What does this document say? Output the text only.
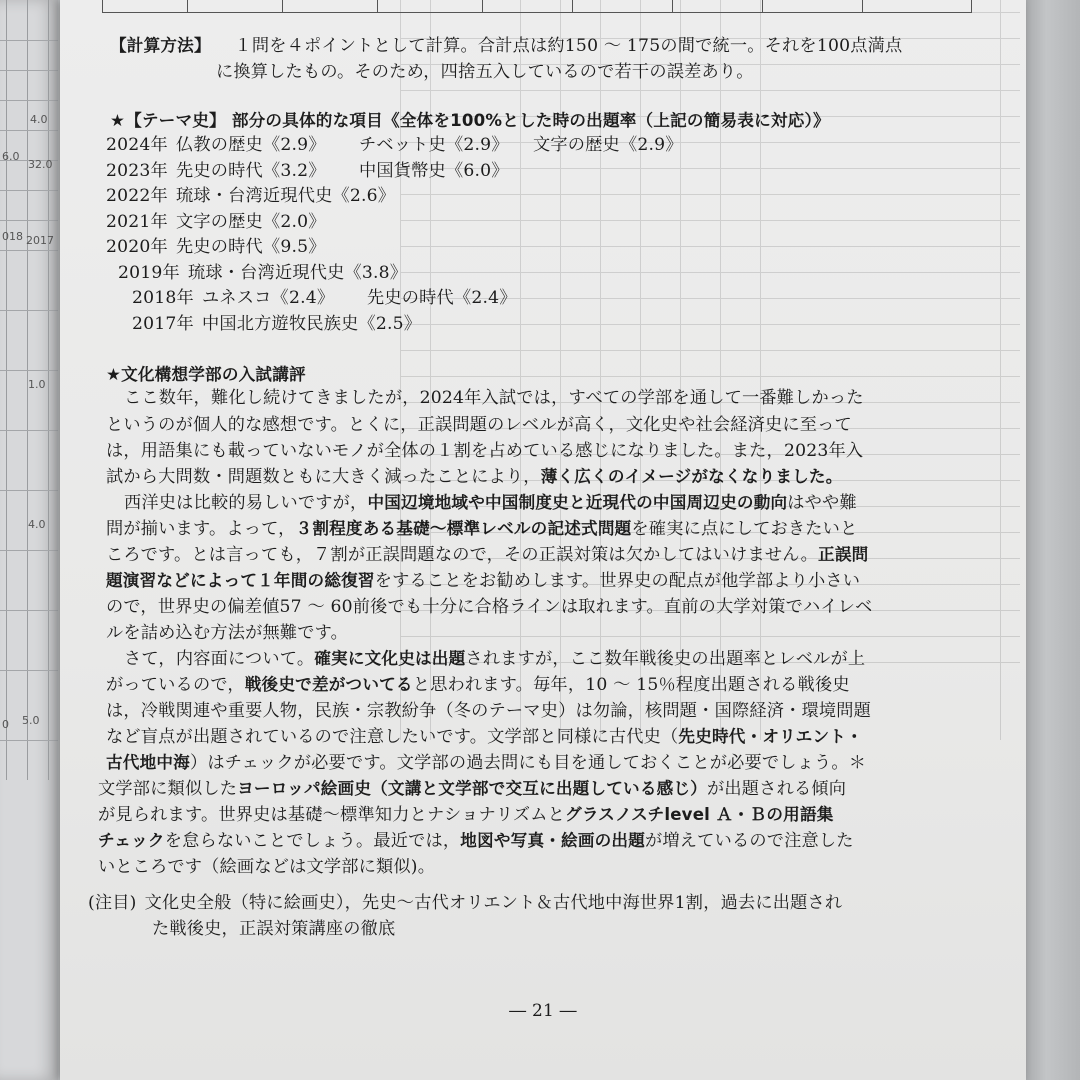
4.0
6.0
32.0
018 2017
1.0
4.0
0 5.0
【計算方法】 １問を４ポイントとして計算。合計点は約150 ～ 175の間で統一。それを100点満点
に換算したもの。そのため，四捨五入しているので若干の誤差あり。
★【テーマ史】 部分の具体的な項目《全体を100%とした時の出題率（上記の簡易表に対応）》
2024年 仏教の歴史《2.9》 チベット史《2.9》 文字の歴史《2.9》
2023年 先史の時代《3.2》 中国貨幣史《6.0》
2022年 琉球・台湾近現代史《2.6》
2021年 文字の歴史《2.0》
2020年 先史の時代《9.5》
2019年 琉球・台湾近現代史《3.8》
2018年 ユネスコ《2.4》 先史の時代《2.4》
2017年 中国北方遊牧民族史《2.5》
★文化構想学部の入試講評
ここ数年，難化し続けてきましたが，2024年入試では，すべての学部を通して一番難しかった
というのが個人的な感想です。とくに，正誤問題のレベルが高く，文化史や社会経済史に至って
は，用語集にも載っていないモノが全体の１割を占めている感じになりました。また，2023年入
試から大問数・問題数ともに大きく減ったことにより，薄く広くのイメージがなくなりました。
西洋史は比較的易しいですが，中国辺境地域や中国制度史と近現代の中国周辺史の動向はやや難
問が揃います。よって，３割程度ある基礎～標準レベルの記述式問題を確実に点にしておきたいと
ころです。とは言っても，７割が正誤問題なので，その正誤対策は欠かしてはいけません。正誤問
題演習などによって１年間の総復習をすることをお勧めします。世界史の配点が他学部より小さい
ので，世界史の偏差値57 ～ 60前後でも十分に合格ラインは取れます。直前の大学対策でハイレベ
ルを詰め込む方法が無難です。
さて，内容面について。確実に文化史は出題されますが，ここ数年戦後史の出題率とレベルが上
がっているので，戦後史で差がついてると思われます。毎年，10 ～ 15％程度出題される戦後史
は，冷戦関連や重要人物，民族・宗教紛争（冬のテーマ史）は勿論，核問題・国際経済・環境問題
など盲点が出題されているので注意したいです。文学部と同様に古代史（先史時代・オリエント・
古代地中海）はチェックが必要です。文学部の過去問にも目を通しておくことが必要でしょう。＊
文学部に類似したヨーロッパ絵画史（文講と文学部で交互に出題している感じ）が出題される傾向
が見られます。世界史は基礎～標準知力とナショナリズムとグラスノスチlevel Ａ・Ｂの用語集
チェックを怠らないことでしょう。最近では，地図や写真・絵画の出題が増えているので注意した
いところです（絵画などは文学部に類似)。
(注目) 文化史全般（特に絵画史），先史～古代オリエント＆古代地中海世界1割，過去に出題され
た戦後史，正誤対策講座の徹底
― 21 ―
